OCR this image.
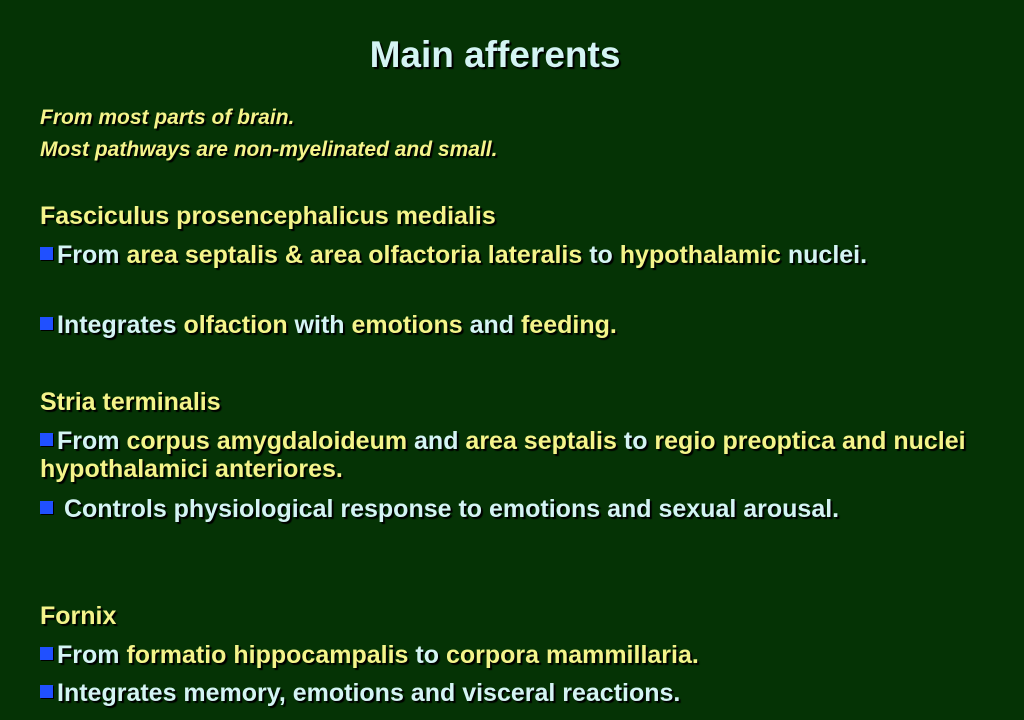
Main afferents
From most parts of brain.
Most pathways are non-myelinated and small.
Fasciculus prosencephalicus medialis
From area septalis & area olfactoria lateralis to hypothalamic nuclei.
Integrates olfaction with emotions and feeding.
Stria terminalis
From corpus amygdaloideum and area septalis to regio preoptica and nuclei hypothalamici anteriores.
Controls physiological response to emotions and sexual arousal.
Fornix
From formatio hippocampalis to corpora mammillaria.
Integrates memory, emotions and visceral reactions.
